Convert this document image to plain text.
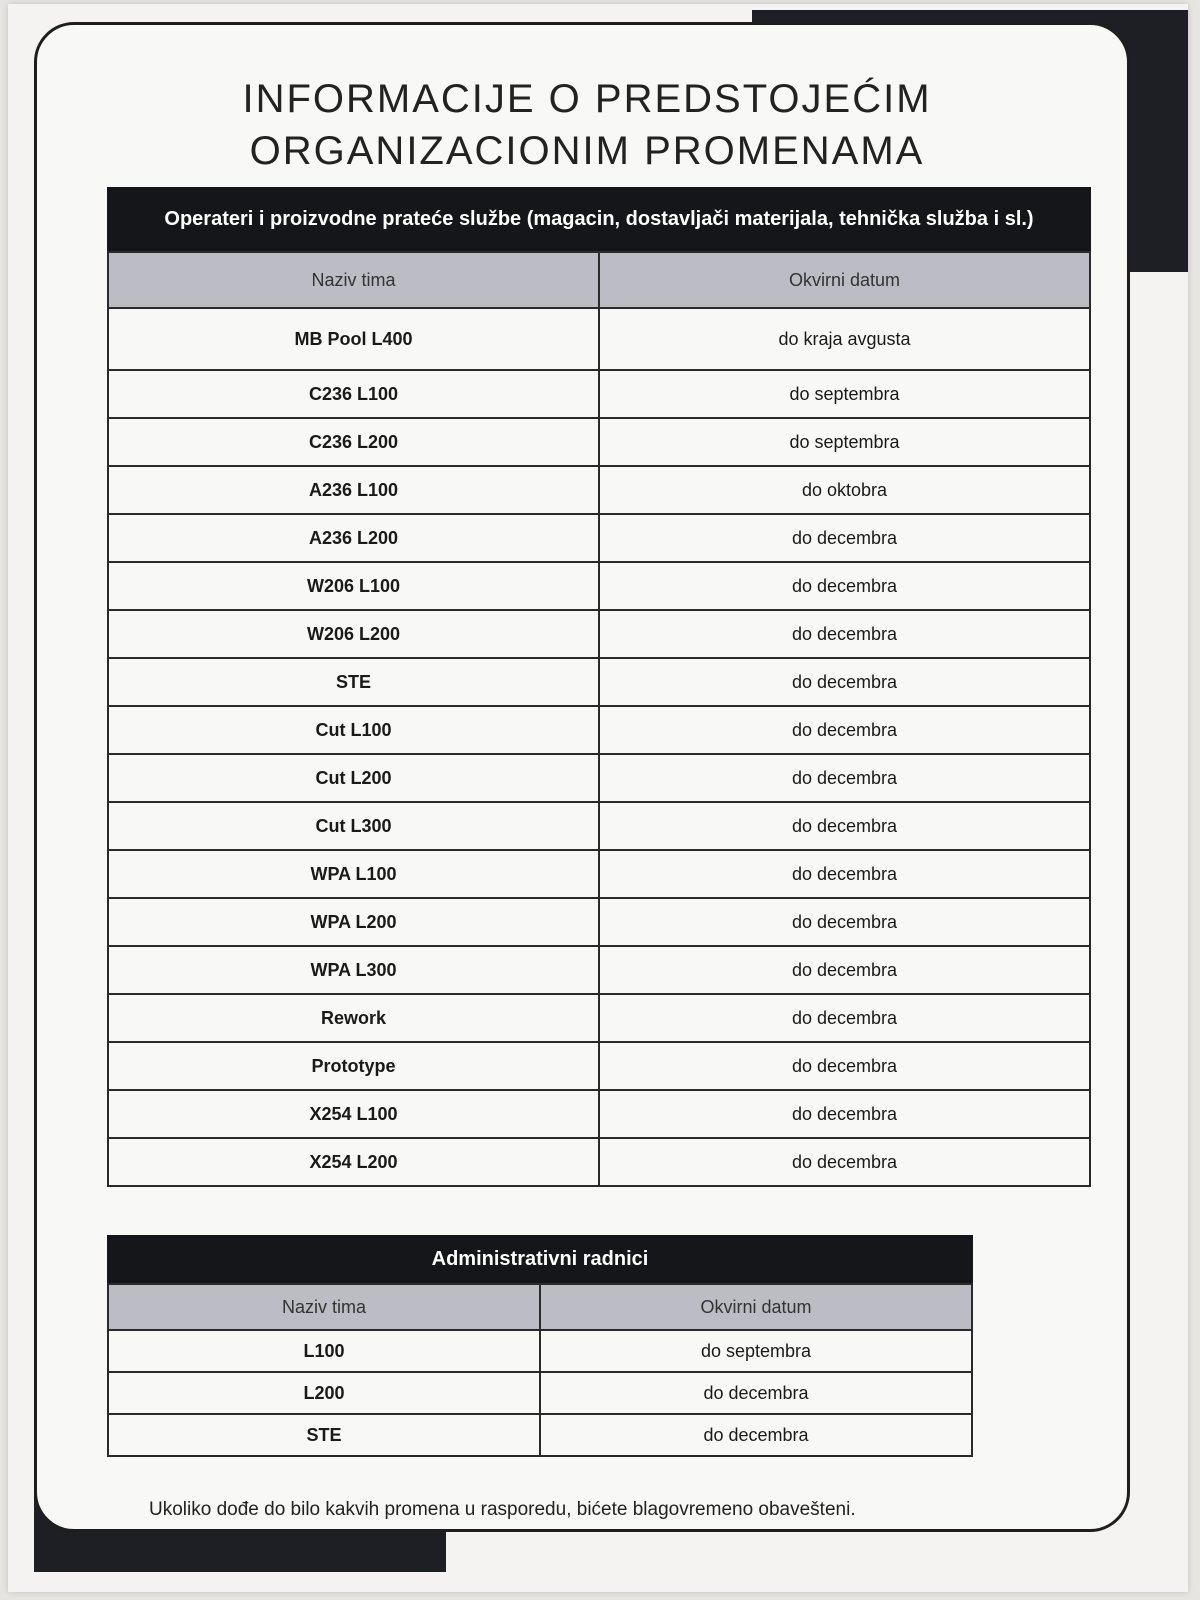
INFORMACIJE O PREDSTOJEĆIM
ORGANIZACIONIM PROMENAMA
Operateri i proizvodne prateće službe (magacin, dostavljači materijala, tehnička služba i sl.)
Naziv tima	Okvirni datum
MB Pool L400	do kraja avgusta
C236 L100	do septembra
C236 L200	do septembra
A236 L100	do oktobra
A236 L200	do decembra
W206 L100	do decembra
W206 L200	do decembra
STE	do decembra
Cut L100	do decembra
Cut L200	do decembra
Cut L300	do decembra
WPA L100	do decembra
WPA L200	do decembra
WPA L300	do decembra
Rework	do decembra
Prototype	do decembra
X254 L100	do decembra
X254 L200	do decembra
Administrativni radnici
Naziv tima	Okvirni datum
L100	do septembra
L200	do decembra
STE	do decembra
Ukoliko dođe do bilo kakvih promena u rasporedu, bićete blagovremeno obavešteni.
